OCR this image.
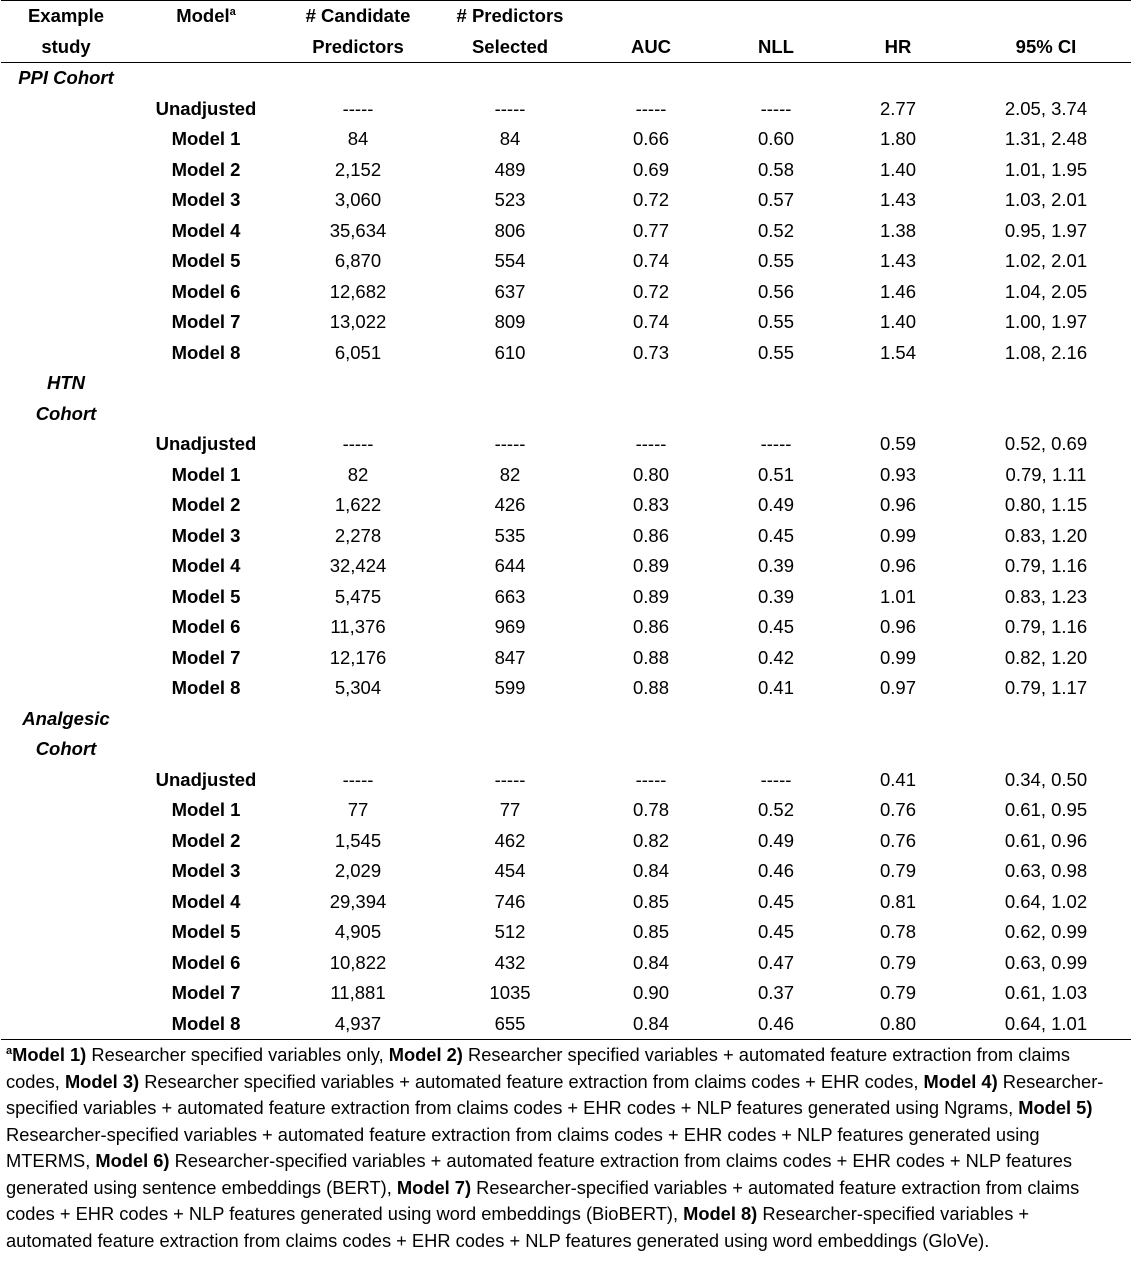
Example	Model$^a$	# Candidate	# Predictors				
study		Predictors	Selected	AUC	NLL	HR	95% CI
PPI Cohort							
	Unadjusted	-----	-----	-----	-----	2.77	2.05, 3.74
	Model 1	84	84	0.66	0.60	1.80	1.31, 2.48
	Model 2	2,152	489	0.69	0.58	1.40	1.01, 1.95
	Model 3	3,060	523	0.72	0.57	1.43	1.03, 2.01
	Model 4	35,634	806	0.77	0.52	1.38	0.95, 1.97
	Model 5	6,870	554	0.74	0.55	1.43	1.02, 2.01
	Model 6	12,682	637	0.72	0.56	1.46	1.04, 2.05
	Model 7	13,022	809	0.74	0.55	1.40	1.00, 1.97
	Model 8	6,051	610	0.73	0.55	1.54	1.08, 2.16
HTN							
Cohort							
	Unadjusted	-----	-----	-----	-----	0.59	0.52, 0.69
	Model 1	82	82	0.80	0.51	0.93	0.79, 1.11
	Model 2	1,622	426	0.83	0.49	0.96	0.80, 1.15
	Model 3	2,278	535	0.86	0.45	0.99	0.83, 1.20
	Model 4	32,424	644	0.89	0.39	0.96	0.79, 1.16
	Model 5	5,475	663	0.89	0.39	1.01	0.83, 1.23
	Model 6	11,376	969	0.86	0.45	0.96	0.79, 1.16
	Model 7	12,176	847	0.88	0.42	0.99	0.82, 1.20
	Model 8	5,304	599	0.88	0.41	0.97	0.79, 1.17
Analgesic							
Cohort							
	Unadjusted	-----	-----	-----	-----	0.41	0.34, 0.50
	Model 1	77	77	0.78	0.52	0.76	0.61, 0.95
	Model 2	1,545	462	0.82	0.49	0.76	0.61, 0.96
	Model 3	2,029	454	0.84	0.46	0.79	0.63, 0.98
	Model 4	29,394	746	0.85	0.45	0.81	0.64, 1.02
	Model 5	4,905	512	0.85	0.45	0.78	0.62, 0.99
	Model 6	10,822	432	0.84	0.47	0.79	0.63, 0.99
	Model 7	11,881	1035	0.90	0.37	0.79	0.61, 1.03
	Model 8	4,937	655	0.84	0.46	0.80	0.64, 1.01
$^a$Model 1) Researcher specified variables only, Model 2) Researcher specified variables + automated feature extraction from claims codes, Model 3) Researcher specified variables + automated feature extraction from claims codes + EHR codes, Model 4) Researcher-specified variables + automated feature extraction from claims codes + EHR codes + NLP features generated using Ngrams, Model 5) Researcher-specified variables + automated feature extraction from claims codes + EHR codes + NLP features generated using MTERMS, Model 6) Researcher-specified variables + automated feature extraction from claims codes + EHR codes + NLP features generated using sentence embeddings (BERT), Model 7) Researcher-specified variables + automated feature extraction from claims codes + EHR codes + NLP features generated using word embeddings (BioBERT), Model 8) Researcher-specified variables + automated feature extraction from claims codes + EHR codes + NLP features generated using word embeddings (GloVe).
